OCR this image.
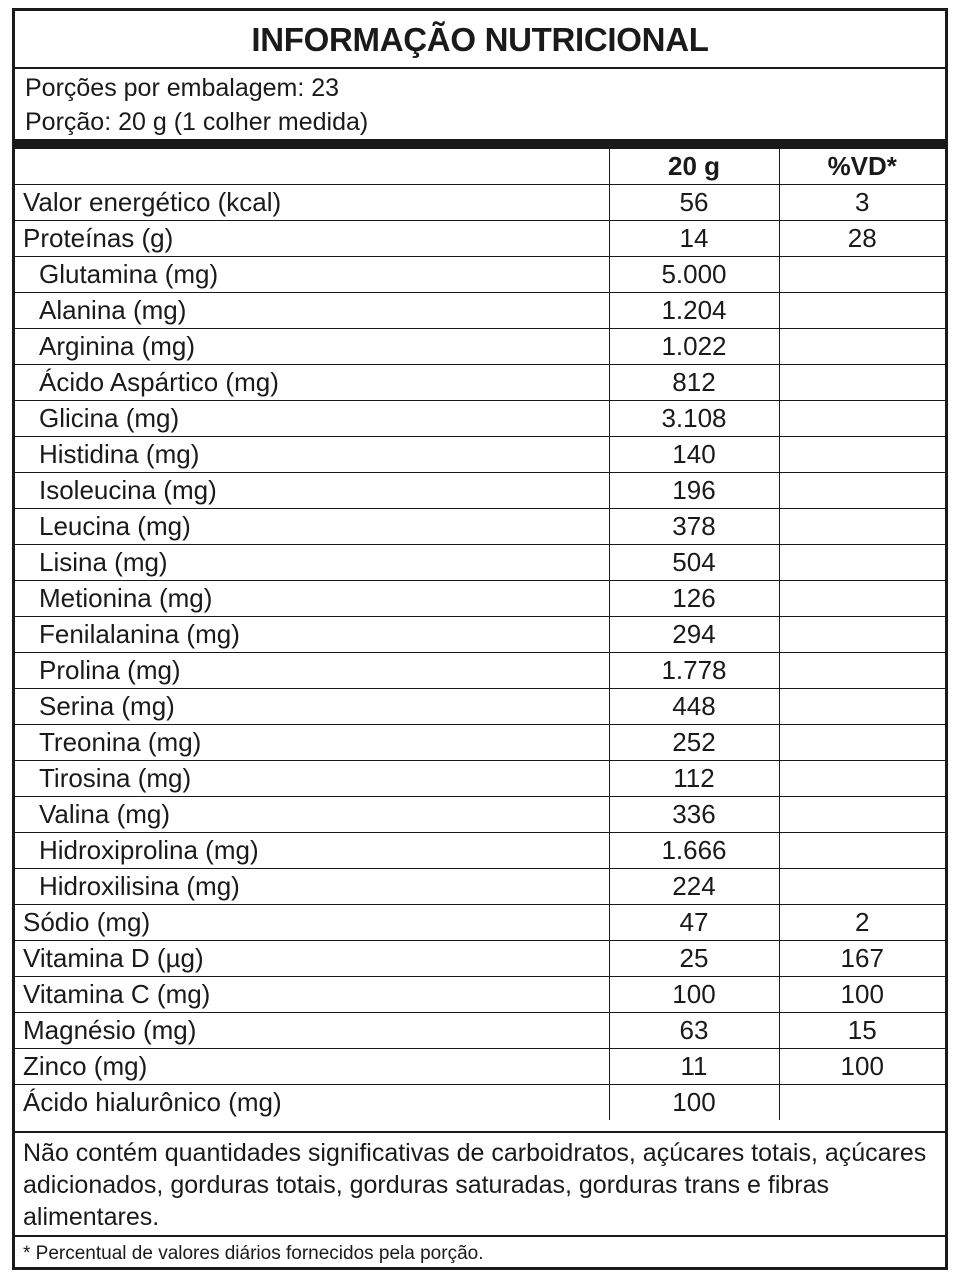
INFORMAÇÃO NUTRICIONAL
Porções por embalagem: 23
Porção: 20 g (1 colher medida)
	20 g	%VD*
Valor energético (kcal)	56	3
Proteínas (g)	14	28
Glutamina (mg)	5.000	
Alanina (mg)	1.204	
Arginina (mg)	1.022	
Ácido Aspártico (mg)	812	
Glicina (mg)	3.108	
Histidina (mg)	140	
Isoleucina (mg)	196	
Leucina (mg)	378	
Lisina (mg)	504	
Metionina (mg)	126	
Fenilalanina (mg)	294	
Prolina (mg)	1.778	
Serina (mg)	448	
Treonina (mg)	252	
Tirosina (mg)	112	
Valina (mg)	336	
Hidroxiprolina (mg)	1.666	
Hidroxilisina (mg)	224	
Sódio (mg)	47	2
Vitamina D (µg)	25	167
Vitamina C (mg)	100	100
Magnésio (mg)	63	15
Zinco (mg)	11	100
Ácido hialurônico (mg)	100	
Não contém quantidades significativas de carboidratos, açúcares totais, açúcares adicionados, gorduras totais, gorduras saturadas, gorduras trans e fibras alimentares.
* Percentual de valores diários fornecidos pela porção.
